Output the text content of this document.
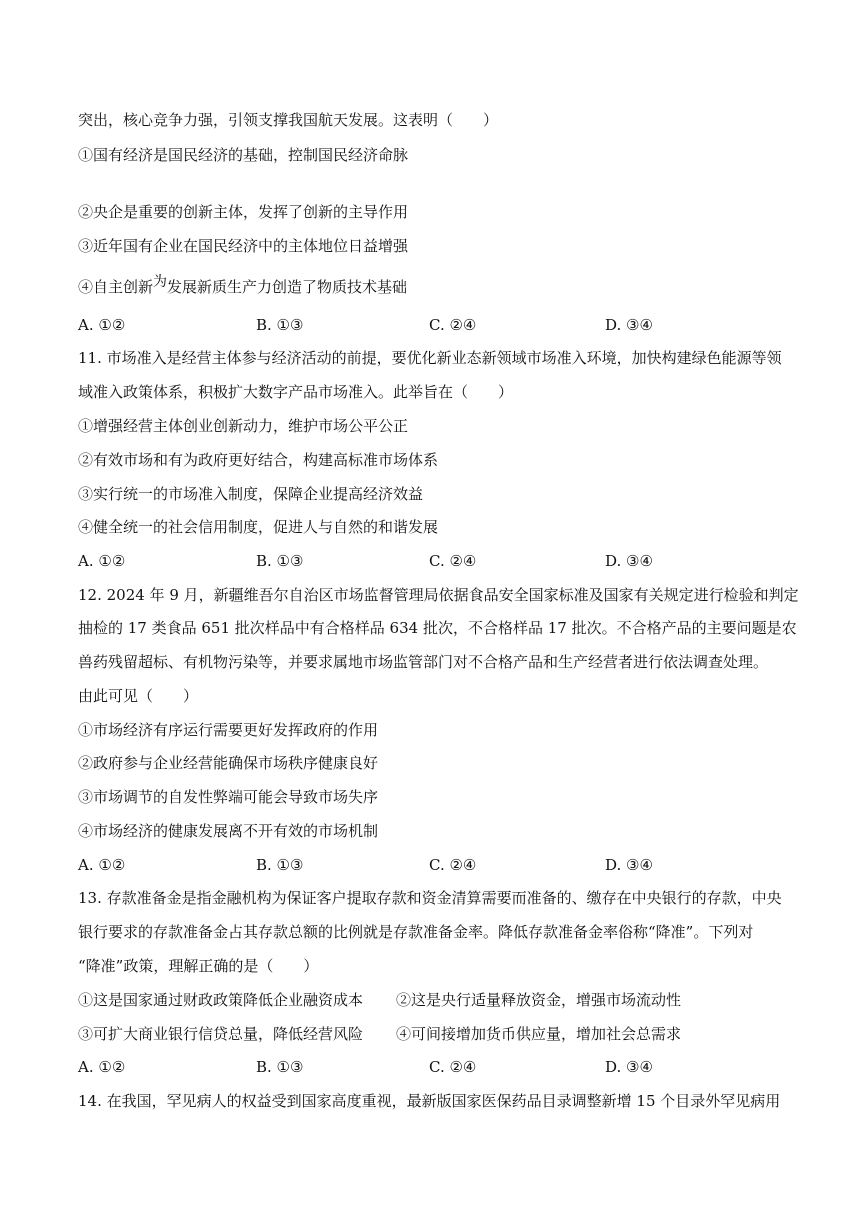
突出，核心竞争力强，引领支撑我国航天发展。这表明（　　）
①国有经济是国民经济的基础，控制国民经济命脉
②央企是重要的创新主体，发挥了创新的主导作用
③近年国有企业在国民经济中的主体地位日益增强
④自主创新为发展新质生产力创造了物质技术基础
A. ①②	B. ①③	C. ②④	D. ③④
11. 市场准入是经营主体参与经济活动的前提，要优化新业态新领域市场准入环境，加快构建绿色能源等领
域准入政策体系，积极扩大数字产品市场准入。此举旨在（　　）
①增强经营主体创业创新动力，维护市场公平公正
②有效市场和有为政府更好结合，构建高标准市场体系
③实行统一的市场准入制度，保障企业提高经济效益
④健全统一的社会信用制度，促进人与自然的和谐发展
A. ①②	B. ①③	C. ②④	D. ③④
12. 2024 年 9 月，新疆维吾尔自治区市场监督管理局依据食品安全国家标准及国家有关规定进行检验和判定
抽检的 17 类食品 651 批次样品中有合格样品 634 批次，不合格样品 17 批次。不合格产品的主要问题是农
兽药残留超标、有机物污染等，并要求属地市场监管部门对不合格产品和生产经营者进行依法调查处理。
由此可见（　　）
①市场经济有序运行需要更好发挥政府的作用
②政府参与企业经营能确保市场秩序健康良好
③市场调节的自发性弊端可能会导致市场失序
④市场经济的健康发展离不开有效的市场机制
A. ①②	B. ①③	C. ②④	D. ③④
13. 存款准备金是指金融机构为保证客户提取存款和资金清算需要而准备的、缴存在中央银行的存款，中央
银行要求的存款准备金占其存款总额的比例就是存款准备金率。降低存款准备金率俗称“降准”。下列对
“降准”政策，理解正确的是（　　）
①这是国家通过财政政策降低企业融资成本 ②这是央行适量释放资金，增强市场流动性
③可扩大商业银行信贷总量，降低经营风险 ④可间接增加货币供应量，增加社会总需求
A. ①②	B. ①③	C. ②④	D. ③④
14. 在我国，罕见病人的权益受到国家高度重视，最新版国家医保药品目录调整新增 15 个目录外罕见病用
